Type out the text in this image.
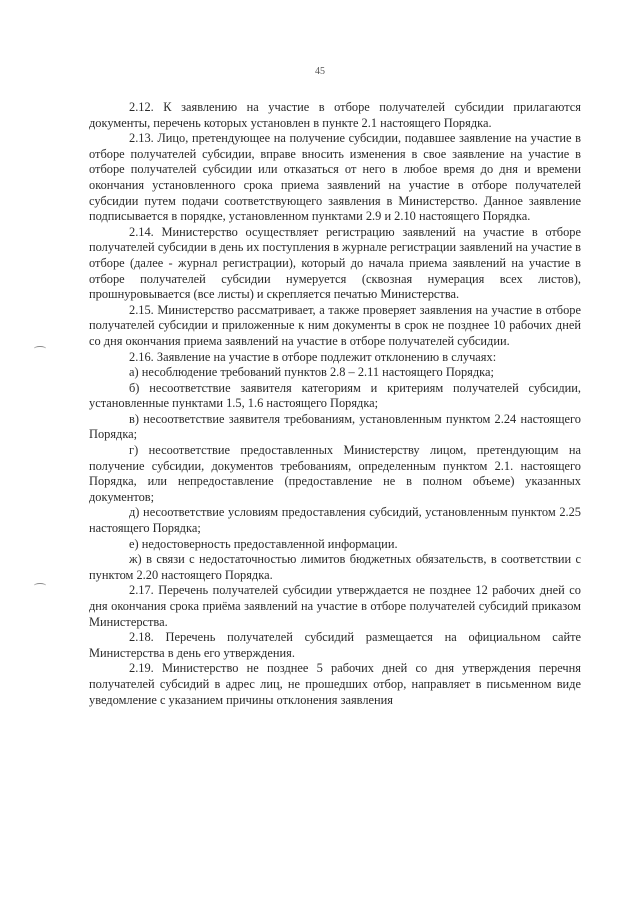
45

2.12. К заявлению на участие в отборе получателей субсидии прилагаются документы, перечень которых установлен в пункте 2.1 настоящего Порядка.

2.13. Лицо, претендующее на получение субсидии, подавшее заявление на участие в отборе получателей субсидии, вправе вносить изменения в свое заявление на участие в отборе получателей субсидии или отказаться от него в любое время до дня и времени окончания установленного срока приема заявлений на участие в отборе получателей субсидии путем подачи соответствующего заявления в Министерство. Данное заявление подписывается в порядке, установленном пунктами 2.9 и 2.10 настоящего Порядка.

2.14. Министерство осуществляет регистрацию заявлений на участие в отборе получателей субсидии в день их поступления в журнале регистрации заявлений на участие в отборе (далее - журнал регистрации), который до начала приема заявлений на участие в отборе получателей субсидии нумеруется (сквозная нумерация всех листов), прошнуровывается (все листы) и скрепляется печатью Министерства.

2.15. Министерство рассматривает, а также проверяет заявления на участие в отборе получателей субсидии и приложенные к ним документы в срок не позднее 10 рабочих дней со дня окончания приема заявлений на участие в отборе получателей субсидии.

2.16. Заявление на участие в отборе подлежит отклонению в случаях:

а) несоблюдение требований пунктов 2.8 – 2.11 настоящего Порядка;

б) несоответствие заявителя категориям и критериям получателей субсидии, установленные пунктами 1.5, 1.6 настоящего Порядка;

в) несоответствие заявителя требованиям, установленным пунктом 2.24 настоящего Порядка;

г) несоответствие предоставленных Министерству лицом, претендующим на получение субсидии, документов требованиям, определенным пунктом 2.1. настоящего Порядка, или непредоставление (предоставление не в полном объеме) указанных документов;

д) несоответствие условиям предоставления субсидий, установленным пунктом 2.25 настоящего Порядка;

е) недостоверность предоставленной информации.

ж) в связи с недостаточностью лимитов бюджетных обязательств, в соответствии с пунктом 2.20 настоящего Порядка.

2.17. Перечень получателей субсидии утверждается не позднее 12 рабочих дней со дня окончания срока приёма заявлений на участие в отборе получателей субсидий приказом Министерства.

2.18. Перечень получателей субсидий размещается на официальном сайте Министерства в день его утверждения.

2.19. Министерство не позднее 5 рабочих дней со дня утверждения перечня получателей субсидий в адрес лиц, не прошедших отбор, направляет в письменном виде уведомление с указанием причины отклонения заявления
